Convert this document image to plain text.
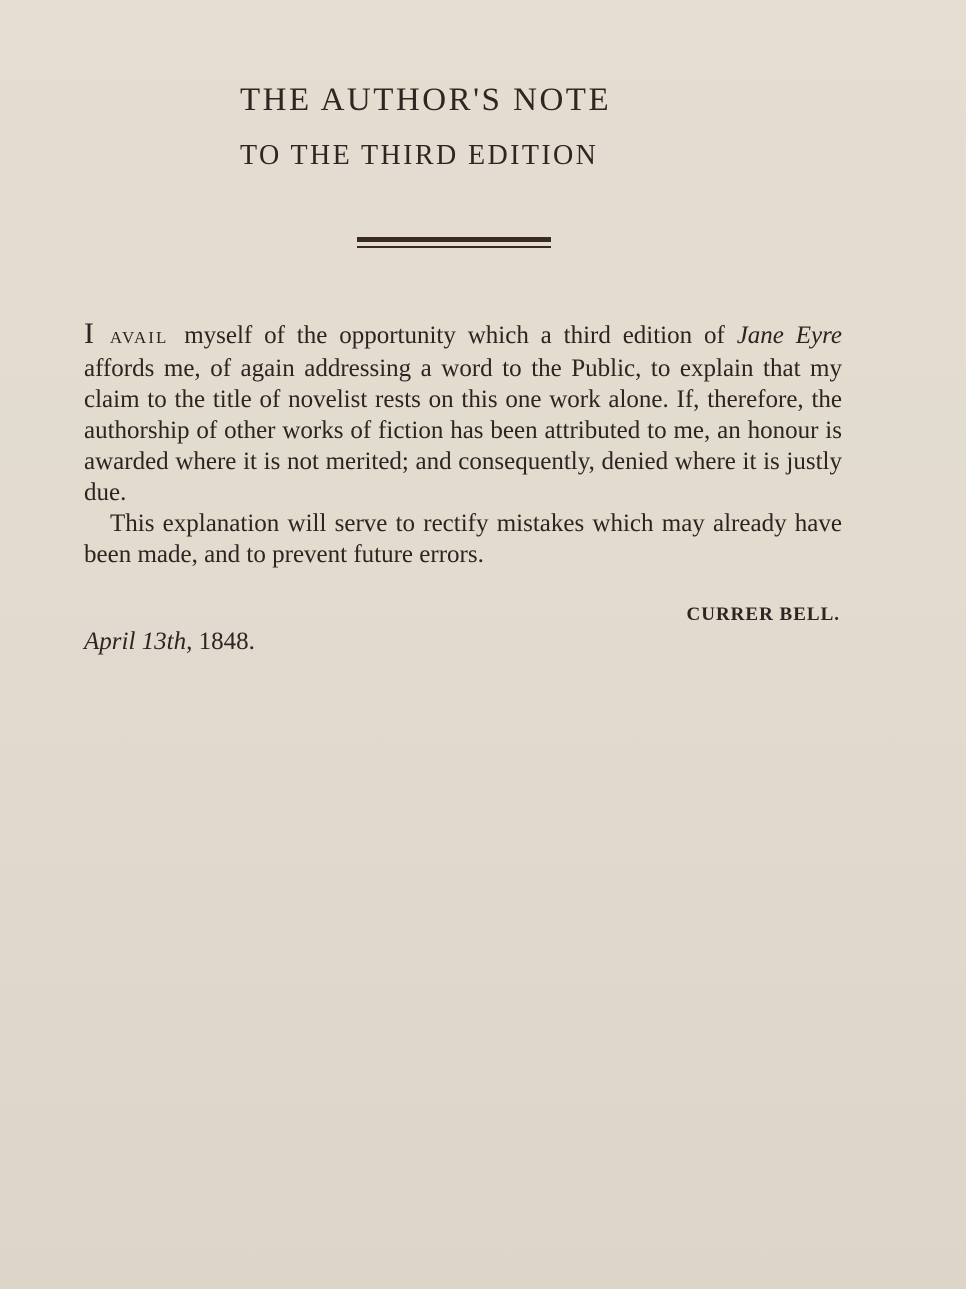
THE AUTHOR'S NOTE
TO THE THIRD EDITION

I AVAIL myself of the opportunity which a third edition of Jane Eyre affords me, of again addressing a word to the Public, to explain that my claim to the title of novelist rests on this one work alone. If, therefore, the authorship of other works of fiction has been attributed to me, an honour is awarded where it is not merited; and consequently, denied where it is justly due.

This explanation will serve to rectify mistakes which may already have been made, and to prevent future errors.

CURRER BELL.
April 13th, 1848.
